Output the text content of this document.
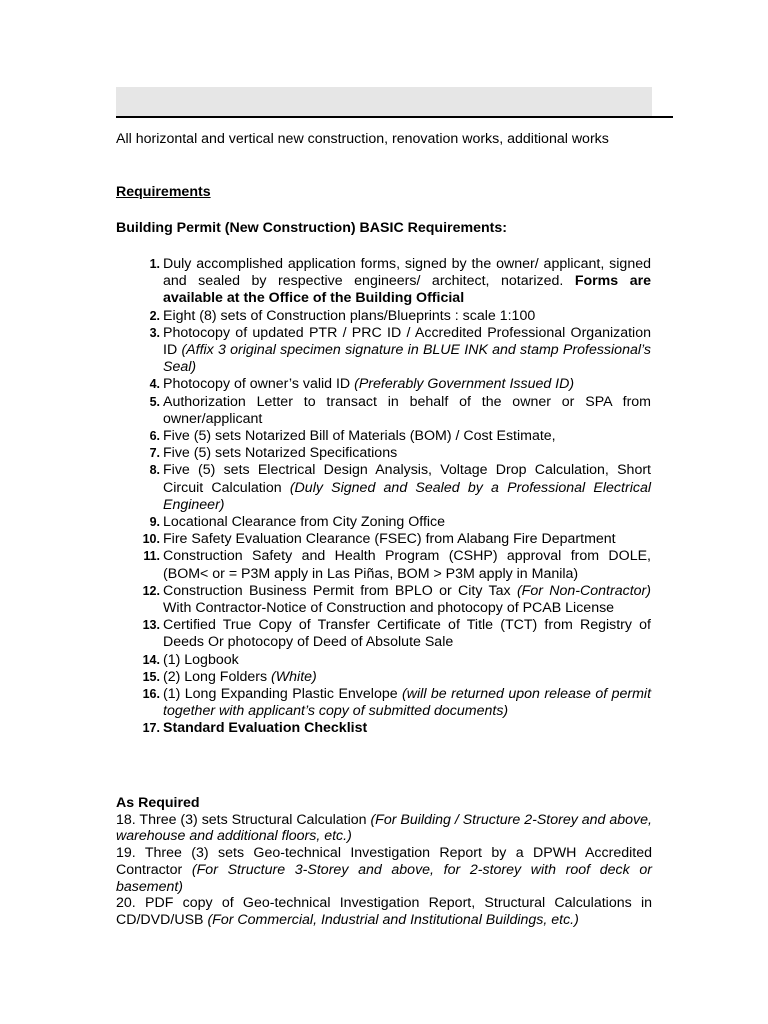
All horizontal and vertical new construction, renovation works, additional works
Requirements
Building Permit (New Construction) BASIC Requirements:
1. Duly accomplished application forms, signed by the owner/ applicant, signed and sealed by respective engineers/ architect, notarized. Forms are available at the Office of the Building Official
2. Eight (8) sets of Construction plans/Blueprints : scale 1:100
3. Photocopy of updated PTR / PRC ID / Accredited Professional Organization ID (Affix 3 original specimen signature in BLUE INK and stamp Professional’s Seal)
4. Photocopy of owner’s valid ID (Preferably Government Issued ID)
5. Authorization Letter to transact in behalf of the owner or SPA from owner/applicant
6. Five (5) sets Notarized Bill of Materials (BOM) / Cost Estimate,
7. Five (5) sets Notarized Specifications
8. Five (5) sets Electrical Design Analysis, Voltage Drop Calculation, Short Circuit Calculation (Duly Signed and Sealed by a Professional Electrical Engineer)
9. Locational Clearance from City Zoning Office
10. Fire Safety Evaluation Clearance (FSEC) from Alabang Fire Department
11. Construction Safety and Health Program (CSHP) approval from DOLE, (BOM< or = P3M apply in Las Piñas, BOM > P3M apply in Manila)
12. Construction Business Permit from BPLO or City Tax (For Non-Contractor) With Contractor-Notice of Construction and photocopy of PCAB License
13. Certified True Copy of Transfer Certificate of Title (TCT) from Registry of Deeds Or photocopy of Deed of Absolute Sale
14. (1) Logbook
15. (2) Long Folders (White)
16. (1) Long Expanding Plastic Envelope (will be returned upon release of permit together with applicant’s copy of submitted documents)
17. Standard Evaluation Checklist
As Required
18. Three (3) sets Structural Calculation (For Building / Structure 2-Storey and above, warehouse and additional floors, etc.)
19. Three (3) sets Geo-technical Investigation Report by a DPWH Accredited Contractor (For Structure 3-Storey and above, for 2-storey with roof deck or basement)
20. PDF copy of Geo-technical Investigation Report, Structural Calculations in CD/DVD/USB (For Commercial, Industrial and Institutional Buildings, etc.)
